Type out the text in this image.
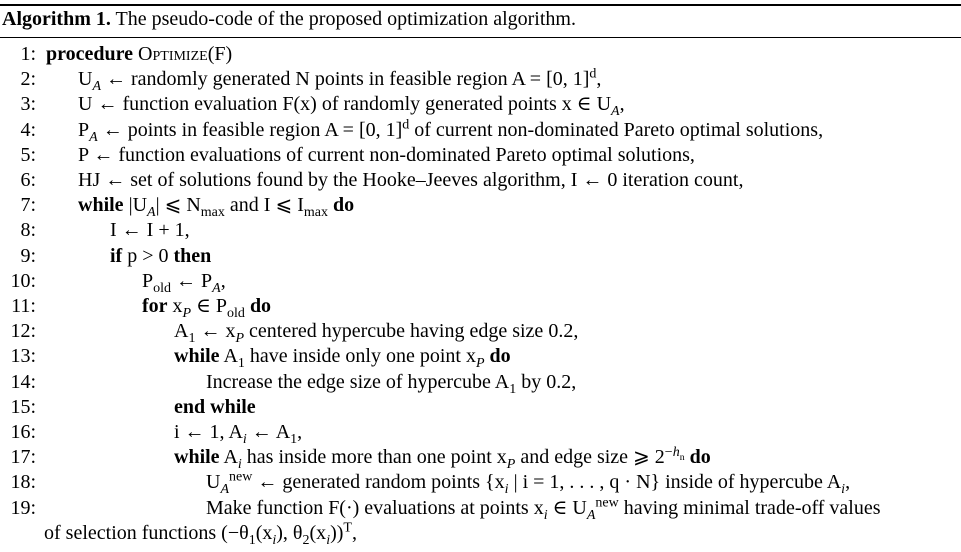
Algorithm 1. The pseudo-code of the proposed optimization algorithm.
1: procedure Optimize(F)
2: $U_A$ ← randomly generated N points in feasible region A = [0, 1]$^d$,
3: U ← function evaluation F(x) of randomly generated points x ∈ $U_A$,
4: $P_A$ ← points in feasible region A = [0, 1]$^d$ of current non-dominated Pareto optimal solutions,
5: P ← function evaluations of current non-dominated Pareto optimal solutions,
6: HJ ← set of solutions found by the Hooke–Jeeves algorithm, I ← 0 iteration count,
7: while $|U_A|$ ⩽ $N_{max}$ and I ⩽ $I_{max}$ do
8:	I ← I + 1,
9:	if p > 0 then
10:	$P_{old}$ ← $P_A$,
11:	for $x_P$ ∈ $P_{old}$ do
12:	$A_1$ ← $x_P$ centered hypercube having edge size 0.2,
13:	while $A_1$ have inside only one point $x_P$ do
14:	Increase the edge size of hypercube $A_1$ by 0.2,
15:	end while
16:	i ← 1, $A_i$ ← $A_1$,
17:	while $A_i$ has inside more than one point $x_P$ and edge size ⩾ $2^{-h_n}$ do
18:	$U_A^{new}$ ← generated random points {$x_i$ | i = 1, . . . , q · N} inside of hypercube $A_i$,
19:	Make function F(·) evaluations at points $x_i$ ∈ $U_A^{new}$ having minimal trade-off values
of selection functions ($-\theta_1(x_i)$, $\theta_2(x_i))^T$,
